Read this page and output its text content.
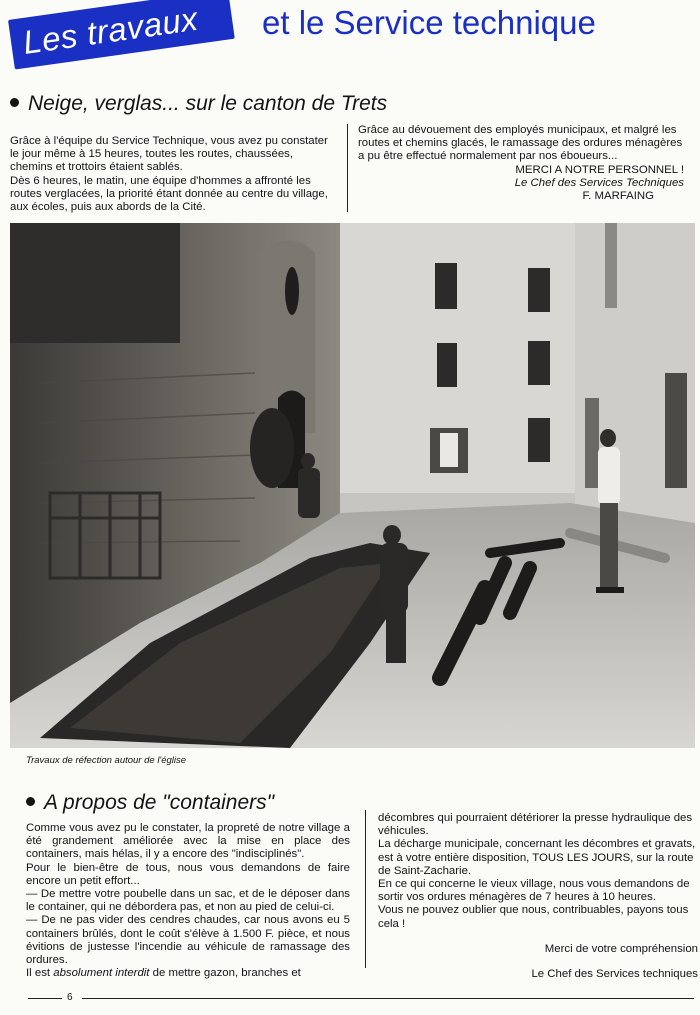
Les travaux	et le Service technique
Neige, verglas... sur le canton de Trets

Grâce à l'équipe du Service Technique, vous avez pu constater le jour même à 15 heures, toutes les routes, chaussées, chemins et trottoirs étaient sablés.

Dès 6 heures, le matin, une équipe d'hommes a affronté les routes verglacées, la priorité étant donnée au centre du village, aux écoles, puis aux abords de la Cité.

Grâce au dévouement des employés municipaux, et malgré les routes et chemins glacés, le ramassage des ordures ménagères a pu être effectué normalement par nos éboueurs...

MERCI A NOTRE PERSONNEL !

Le Chef des Services Techniques

F. MARFAING

Travaux de réfection autour de l'église
A propos de "containers"

Comme vous avez pu le constater, la propreté de notre village a été grandement améliorée avec la mise en place des containers, mais hélas, il y a encore des "indisciplinés".

Pour le bien-être de tous, nous vous demandons de faire encore un petit effort...

— De mettre votre poubelle dans un sac, et de le déposer dans le container, qui ne débordera pas, et non au pied de celui-ci.

— De ne pas vider des cendres chaudes, car nous avons eu 5 containers brûlés, dont le coût s'élève à 1.500 F. pièce, et nous évitions de justesse l'incendie au véhicule de ramassage des ordures.

Il est absolument interdit de mettre gazon, branches et

décombres qui pourraient détériorer la presse hydraulique des véhicules.

La décharge municipale, concernant les décombres et gravats, est à votre entière disposition, TOUS LES JOURS, sur la route de Saint-Zacharie.

En ce qui concerne le vieux village, nous vous demandons de sortir vos ordures ménagères de 7 heures à 10 heures.

Vous ne pouvez oublier que nous, contribuables, payons tous cela !

Merci de votre compréhension

Le Chef des Services techniques

6
